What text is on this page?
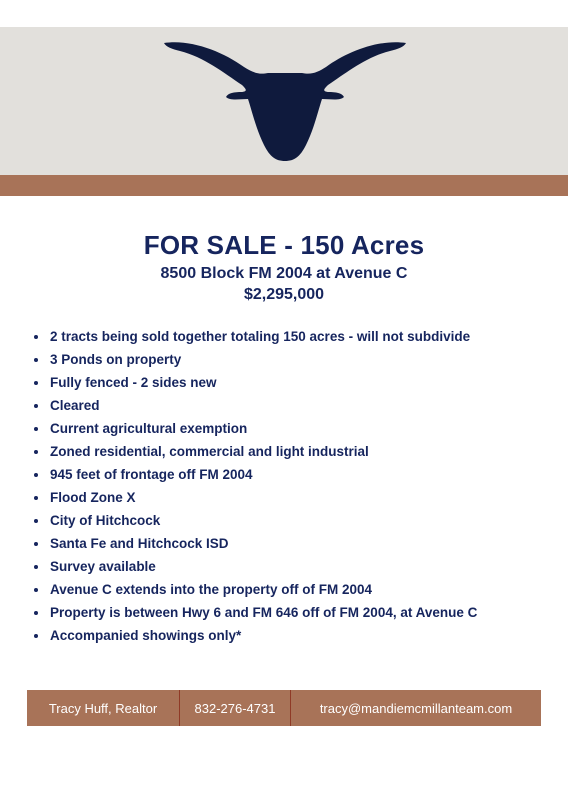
FOR SALE - 150 Acres
8500 Block FM 2004 at Avenue C
$2,295,000
2 tracts being sold together totaling 150 acres - will not subdivide
3 Ponds on property
Fully fenced - 2 sides new
Cleared
Current agricultural exemption
Zoned residential, commercial and light industrial
945 feet of frontage off FM 2004
Flood Zone X
City of Hitchcock
Santa Fe and Hitchcock ISD
Survey available
Avenue C extends into the property off of FM 2004
Property is between Hwy 6 and FM 646 off of FM 2004, at Avenue C
Accompanied showings only*
Tracy Huff, Realtor	832-276-4731	tracy@mandiemcmillanteam.com
